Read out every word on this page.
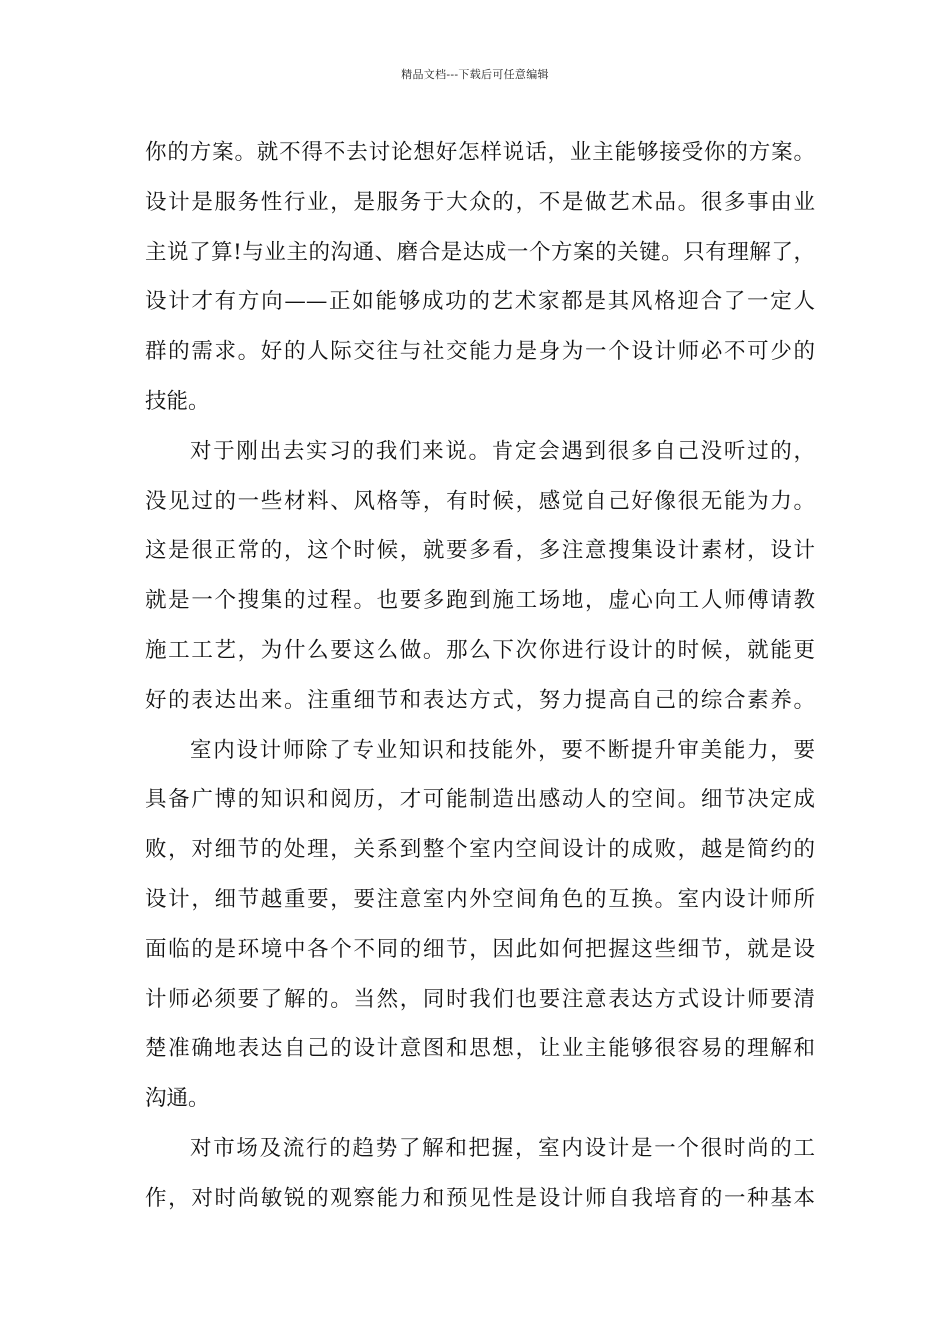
精品文档---下载后可任意编辑
你的方案。就不得不去讨论想好怎样说话，业主能够接受你的方案。
设计是服务性行业，是服务于大众的，不是做艺术品。很多事由业
主说了算!与业主的沟通、磨合是达成一个方案的关键。只有理解了，
设计才有方向——正如能够成功的艺术家都是其风格迎合了一定人
群的需求。好的人际交往与社交能力是身为一个设计师必不可少的
技能。
对于刚出去实习的我们来说。肯定会遇到很多自己没听过的，
没见过的一些材料、风格等，有时候，感觉自己好像很无能为力。
这是很正常的，这个时候，就要多看，多注意搜集设计素材，设计
就是一个搜集的过程。也要多跑到施工场地，虚心向工人师傅请教
施工工艺，为什么要这么做。那么下次你进行设计的时候，就能更
好的表达出来。注重细节和表达方式，努力提高自己的综合素养。
室内设计师除了专业知识和技能外，要不断提升审美能力，要
具备广博的知识和阅历，才可能制造出感动人的空间。细节决定成
败，对细节的处理，关系到整个室内空间设计的成败，越是简约的
设计，细节越重要，要注意室内外空间角色的互换。室内设计师所
面临的是环境中各个不同的细节，因此如何把握这些细节，就是设
计师必须要了解的。当然，同时我们也要注意表达方式设计师要清
楚准确地表达自己的设计意图和思想，让业主能够很容易的理解和
沟通。
对市场及流行的趋势了解和把握，室内设计是一个很时尚的工
作，对时尚敏锐的观察能力和预见性是设计师自我培育的一种基本
